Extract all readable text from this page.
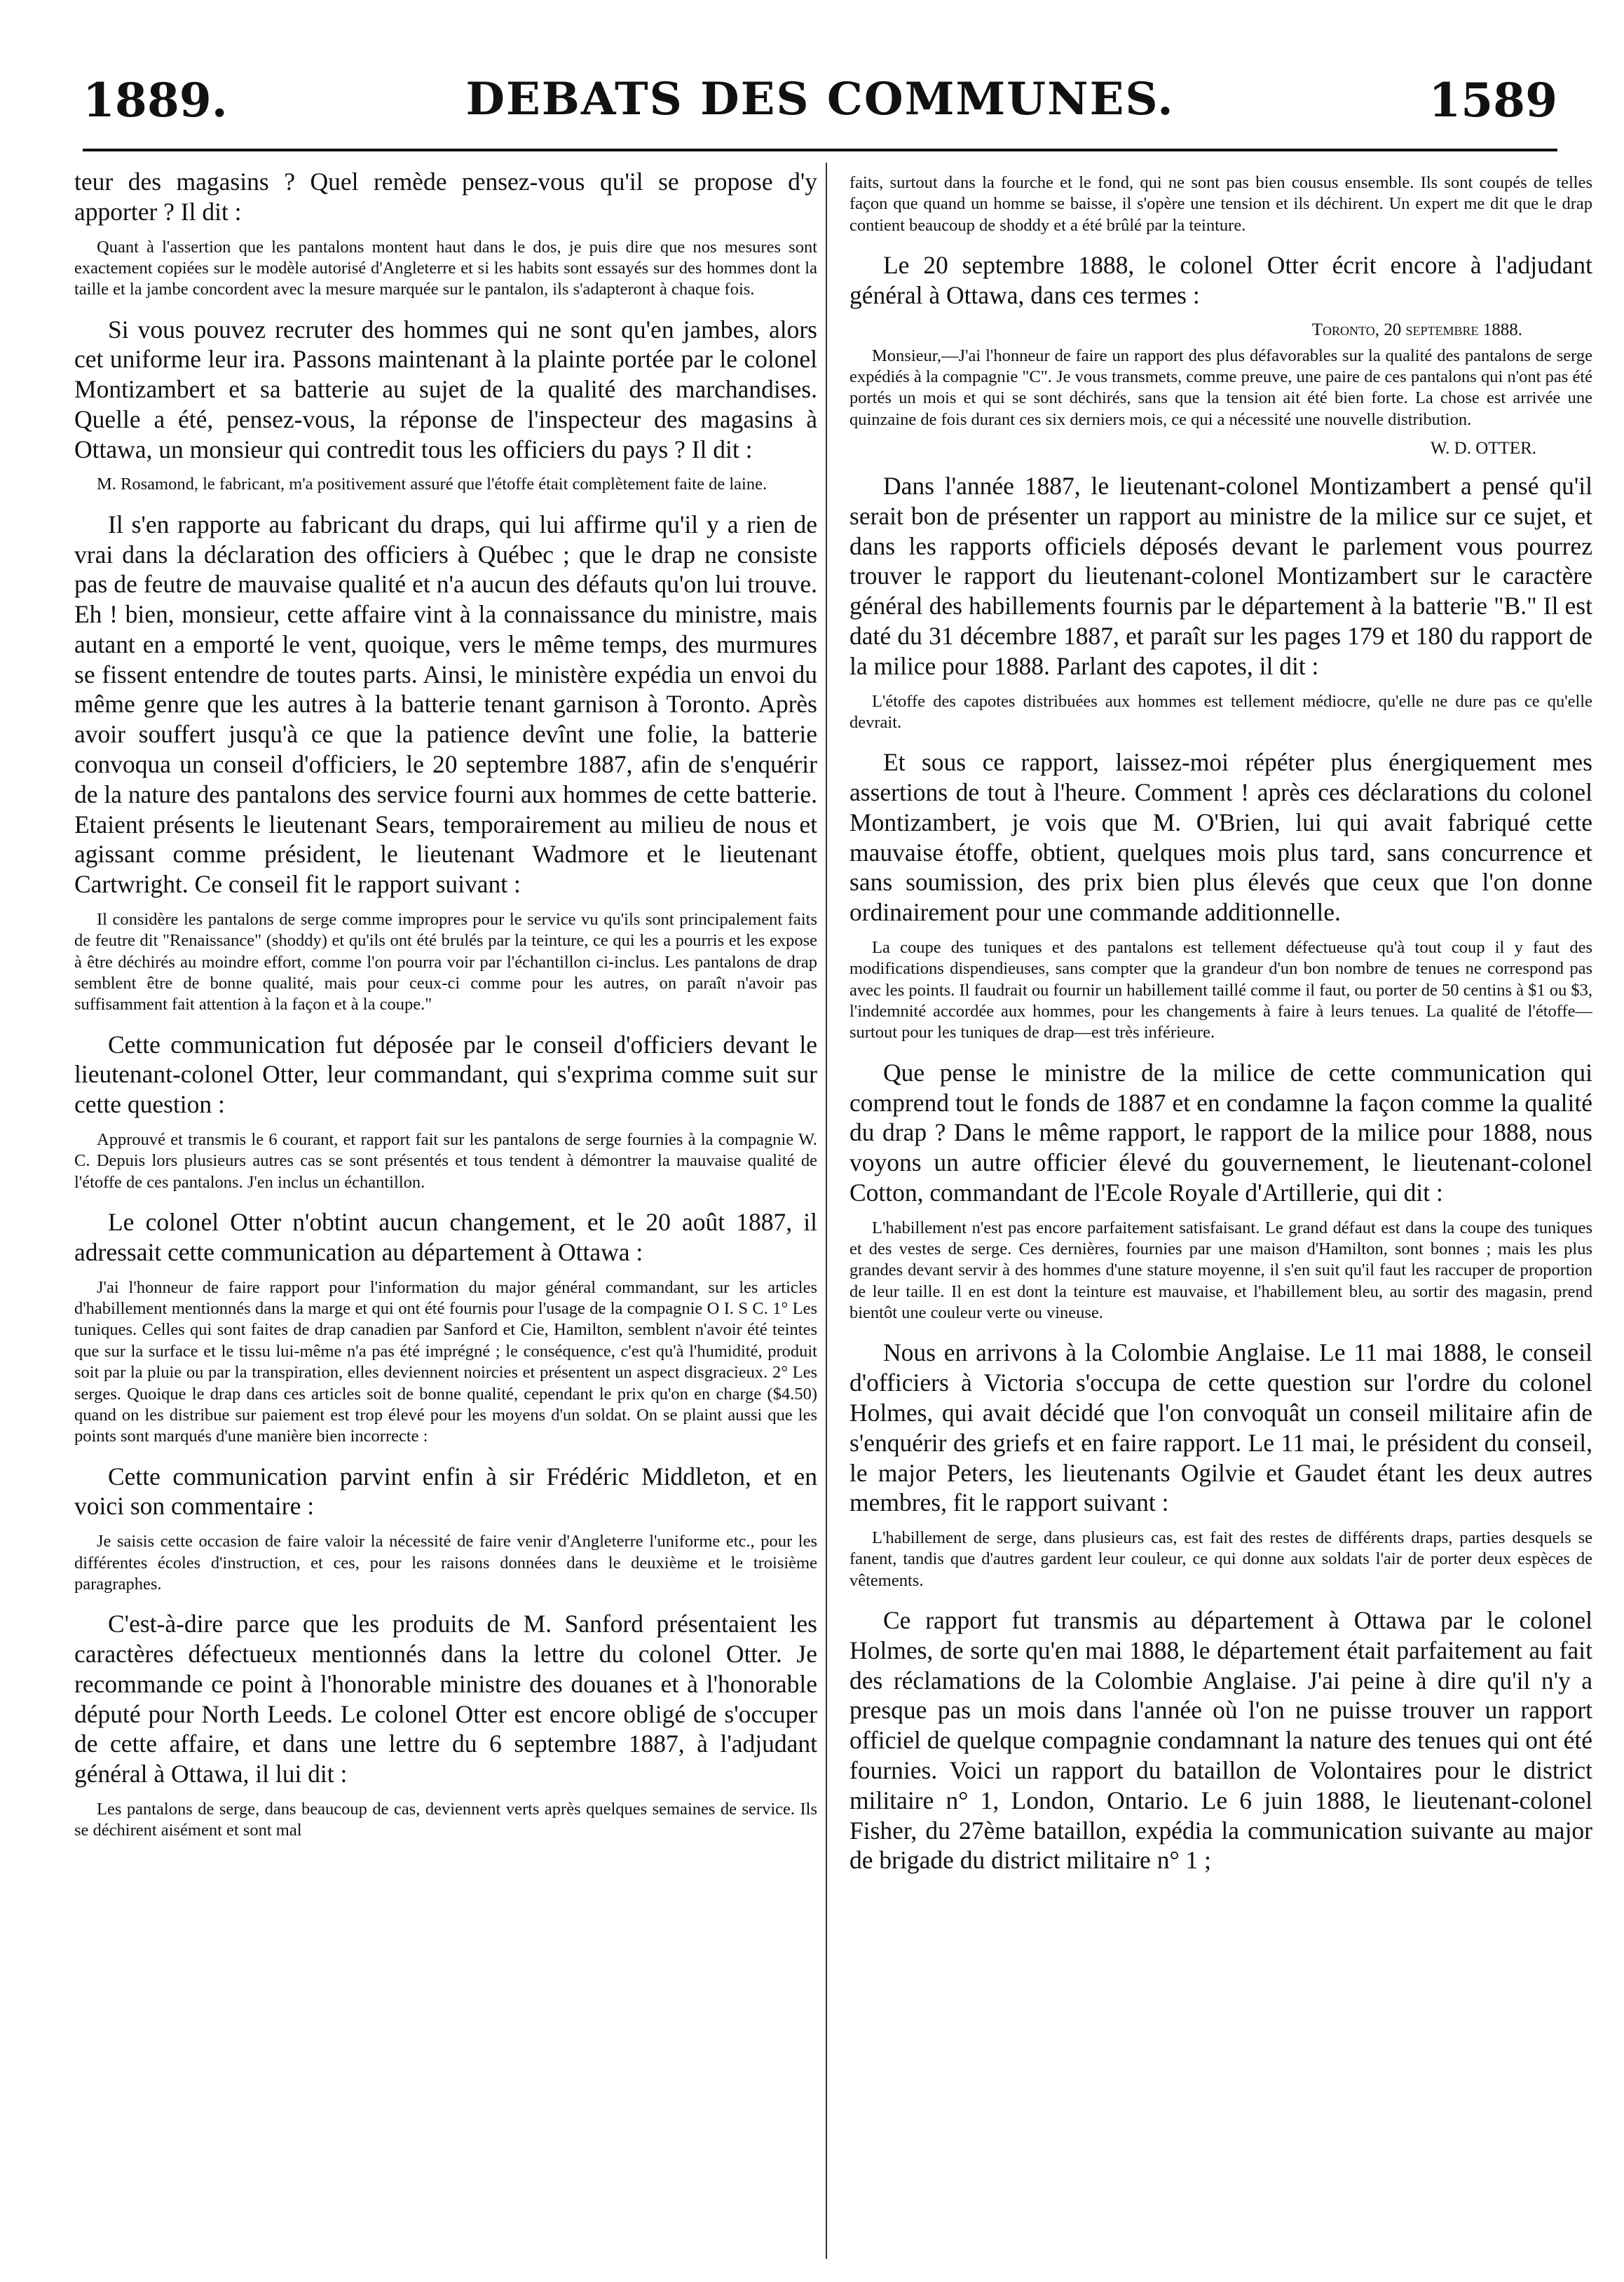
DEBATS DES COMMUNES.
1889.	1589
teur des magasins ? Quel remède pensez-vous qu'il se propose d'y apporter ? Il dit :
Quant à l'assertion que les pantalons montent haut dans le dos, je puis dire que nos mesures sont exactement copiées sur le modèle autorisé d'Angleterre et si les habits sont essayés sur des hommes dont la taille et la jambe concordent avec la mesure marquée sur le pantalon, ils s'adapteront à chaque fois.
Si vous pouvez recruter des hommes qui ne sont qu'en jambes, alors cet uniforme leur ira. Passons maintenant à la plainte portée par le colonel Montizambert et sa batterie au sujet de la qualité des marchandises. Quelle a été, pensez-vous, la réponse de l'inspecteur des magasins à Ottawa, un monsieur qui contredit tous les officiers du pays ? Il dit :
M. Rosamond, le fabricant, m'a positivement assuré que l'étoffe était complètement faite de laine.
Il s'en rapporte au fabricant du draps, qui lui affirme qu'il y a rien de vrai dans la déclaration des officiers à Québec ; que le drap ne consiste pas de feutre de mauvaise qualité et n'a aucun des défauts qu'on lui trouve. Eh ! bien, monsieur, cette affaire vint à la connaissance du ministre, mais autant en a emporté le vent, quoique, vers le même temps, des murmures se fissent entendre de toutes parts. Ainsi, le ministère expédia un envoi du même genre que les autres à la batterie tenant garnison à Toronto. Après avoir souffert jusqu'à ce que la patience devînt une folie, la batterie convoqua un conseil d'officiers, le 20 septembre 1887, afin de s'enquérir de la nature des pantalons des service fourni aux hommes de cette batterie. Etaient présents le lieutenant Sears, temporairement au milieu de nous et agissant comme président, le lieutenant Wadmore et le lieutenant Cartwright. Ce conseil fit le rapport suivant :
Il considère les pantalons de serge comme impropres pour le service vu qu'ils sont principalement faits de feutre dit "Renaissance" (shoddy) et qu'ils ont été brulés par la teinture, ce qui les a pourris et les expose à être déchirés au moindre effort, comme l'on pourra voir par l'échantillon ci-inclus. Les pantalons de drap semblent être de bonne qualité, mais pour ceux-ci comme pour les autres, on paraît n'avoir pas suffisamment fait attention à la façon et à la coupe."
Cette communication fut déposée par le conseil d'officiers devant le lieutenant-colonel Otter, leur commandant, qui s'exprima comme suit sur cette question :
Approuvé et transmis le 6 courant, et rapport fait sur les pantalons de serge fournies à la compagnie W. C. Depuis lors plusieurs autres cas se sont présentés et tous tendent à démontrer la mauvaise qualité de l'étoffe de ces pantalons. J'en inclus un échantillon.
Le colonel Otter n'obtint aucun changement, et le 20 août 1887, il adressait cette communication au département à Ottawa :
J'ai l'honneur de faire rapport pour l'information du major général commandant, sur les articles d'habillement mentionnés dans la marge et qui ont été fournis pour l'usage de la compagnie O I. S C. 1° Les tuniques. Celles qui sont faites de drap canadien par Sanford et Cie, Hamilton, semblent n'avoir été teintes que sur la surface et le tissu lui-même n'a pas été imprégné ; le conséquence, c'est qu'à l'humidité, produit soit par la pluie ou par la transpiration, elles deviennent noircies et présentent un aspect disgracieux. 2° Les serges. Quoique le drap dans ces articles soit de bonne qualité, cependant le prix qu'on en charge ($4.50) quand on les distribue sur paiement est trop élevé pour les moyens d'un soldat. On se plaint aussi que les points sont marqués d'une manière bien incorrecte :
Cette communication parvint enfin à sir Frédéric Middleton, et en voici son commentaire :
Je saisis cette occasion de faire valoir la nécessité de faire venir d'Angleterre l'uniforme etc., pour les différentes écoles d'instruction, et ces, pour les raisons données dans le deuxième et le troisième paragraphes.
C'est-à-dire parce que les produits de M. Sanford présentaient les caractères défectueux mentionnés dans la lettre du colonel Otter. Je recommande ce point à l'honorable ministre des douanes et à l'honorable député pour North Leeds. Le colonel Otter est encore obligé de s'occuper de cette affaire, et dans une lettre du 6 septembre 1887, à l'adjudant général à Ottawa, il lui dit :
Les pantalons de serge, dans beaucoup de cas, deviennent verts après quelques semaines de service. Ils se déchirent aisément et sont mal
faits, surtout dans la fourche et le fond, qui ne sont pas bien cousus ensemble. Ils sont coupés de telles façon que quand un homme se baisse, il s'opère une tension et ils déchirent. Un expert me dit que le drap contient beaucoup de shoddy et a été brûlé par la teinture.
Le 20 septembre 1888, le colonel Otter écrit encore à l'adjudant général à Ottawa, dans ces termes :
Toronto, 20 septembre 1888.
Monsieur,—J'ai l'honneur de faire un rapport des plus défavorables sur la qualité des pantalons de serge expédiés à la compagnie "C". Je vous transmets, comme preuve, une paire de ces pantalons qui n'ont pas été portés un mois et qui se sont déchirés, sans que la tension ait été bien forte. La chose est arrivée une quinzaine de fois durant ces six derniers mois, ce qui a nécessité une nouvelle distribution.
W. D. OTTER.
Dans l'année 1887, le lieutenant-colonel Montizambert a pensé qu'il serait bon de présenter un rapport au ministre de la milice sur ce sujet, et dans les rapports officiels déposés devant le parlement vous pourrez trouver le rapport du lieutenant-colonel Montizambert sur le caractère général des habillements fournis par le département à la batterie "B." Il est daté du 31 décembre 1887, et paraît sur les pages 179 et 180 du rapport de la milice pour 1888. Parlant des capotes, il dit :
L'étoffe des capotes distribuées aux hommes est tellement médiocre, qu'elle ne dure pas ce qu'elle devrait.
Et sous ce rapport, laissez-moi répéter plus énergiquement mes assertions de tout à l'heure. Comment ! après ces déclarations du colonel Montizambert, je vois que M. O'Brien, lui qui avait fabriqué cette mauvaise étoffe, obtient, quelques mois plus tard, sans concurrence et sans soumission, des prix bien plus élevés que ceux que l'on donne ordinairement pour une commande additionnelle.
La coupe des tuniques et des pantalons est tellement défectueuse qu'à tout coup il y faut des modifications dispendieuses, sans compter que la grandeur d'un bon nombre de tenues ne correspond pas avec les points. Il faudrait ou fournir un habillement taillé comme il faut, ou porter de 50 centins à $1 ou $3, l'indemnité accordée aux hommes, pour les changements à faire à leurs tenues. La qualité de l'étoffe—surtout pour les tuniques de drap—est très inférieure.
Que pense le ministre de la milice de cette communication qui comprend tout le fonds de 1887 et en condamne la façon comme la qualité du drap ? Dans le même rapport, le rapport de la milice pour 1888, nous voyons un autre officier élevé du gouvernement, le lieutenant-colonel Cotton, commandant de l'Ecole Royale d'Artillerie, qui dit :
L'habillement n'est pas encore parfaitement satisfaisant. Le grand défaut est dans la coupe des tuniques et des vestes de serge. Ces dernières, fournies par une maison d'Hamilton, sont bonnes ; mais les plus grandes devant servir à des hommes d'une stature moyenne, il s'en suit qu'il faut les raccuper de proportion de leur taille. Il en est dont la teinture est mauvaise, et l'habillement bleu, au sortir des magasin, prend bientôt une couleur verte ou vineuse.
Nous en arrivons à la Colombie Anglaise. Le 11 mai 1888, le conseil d'officiers à Victoria s'occupa de cette question sur l'ordre du colonel Holmes, qui avait décidé que l'on convoquât un conseil militaire afin de s'enquérir des griefs et en faire rapport. Le 11 mai, le président du conseil, le major Peters, les lieutenants Ogilvie et Gaudet étant les deux autres membres, fit le rapport suivant :
L'habillement de serge, dans plusieurs cas, est fait des restes de différents draps, parties desquels se fanent, tandis que d'autres gardent leur couleur, ce qui donne aux soldats l'air de porter deux espèces de vêtements.
Ce rapport fut transmis au département à Ottawa par le colonel Holmes, de sorte qu'en mai 1888, le département était parfaitement au fait des réclamations de la Colombie Anglaise. J'ai peine à dire qu'il n'y a presque pas un mois dans l'année où l'on ne puisse trouver un rapport officiel de quelque compagnie condamnant la nature des tenues qui ont été fournies. Voici un rapport du bataillon de Volontaires pour le district militaire n° 1, London, Ontario. Le 6 juin 1888, le lieutenant-colonel Fisher, du 27ème bataillon, expédia la communication suivante au major de brigade du district militaire n° 1 ;
